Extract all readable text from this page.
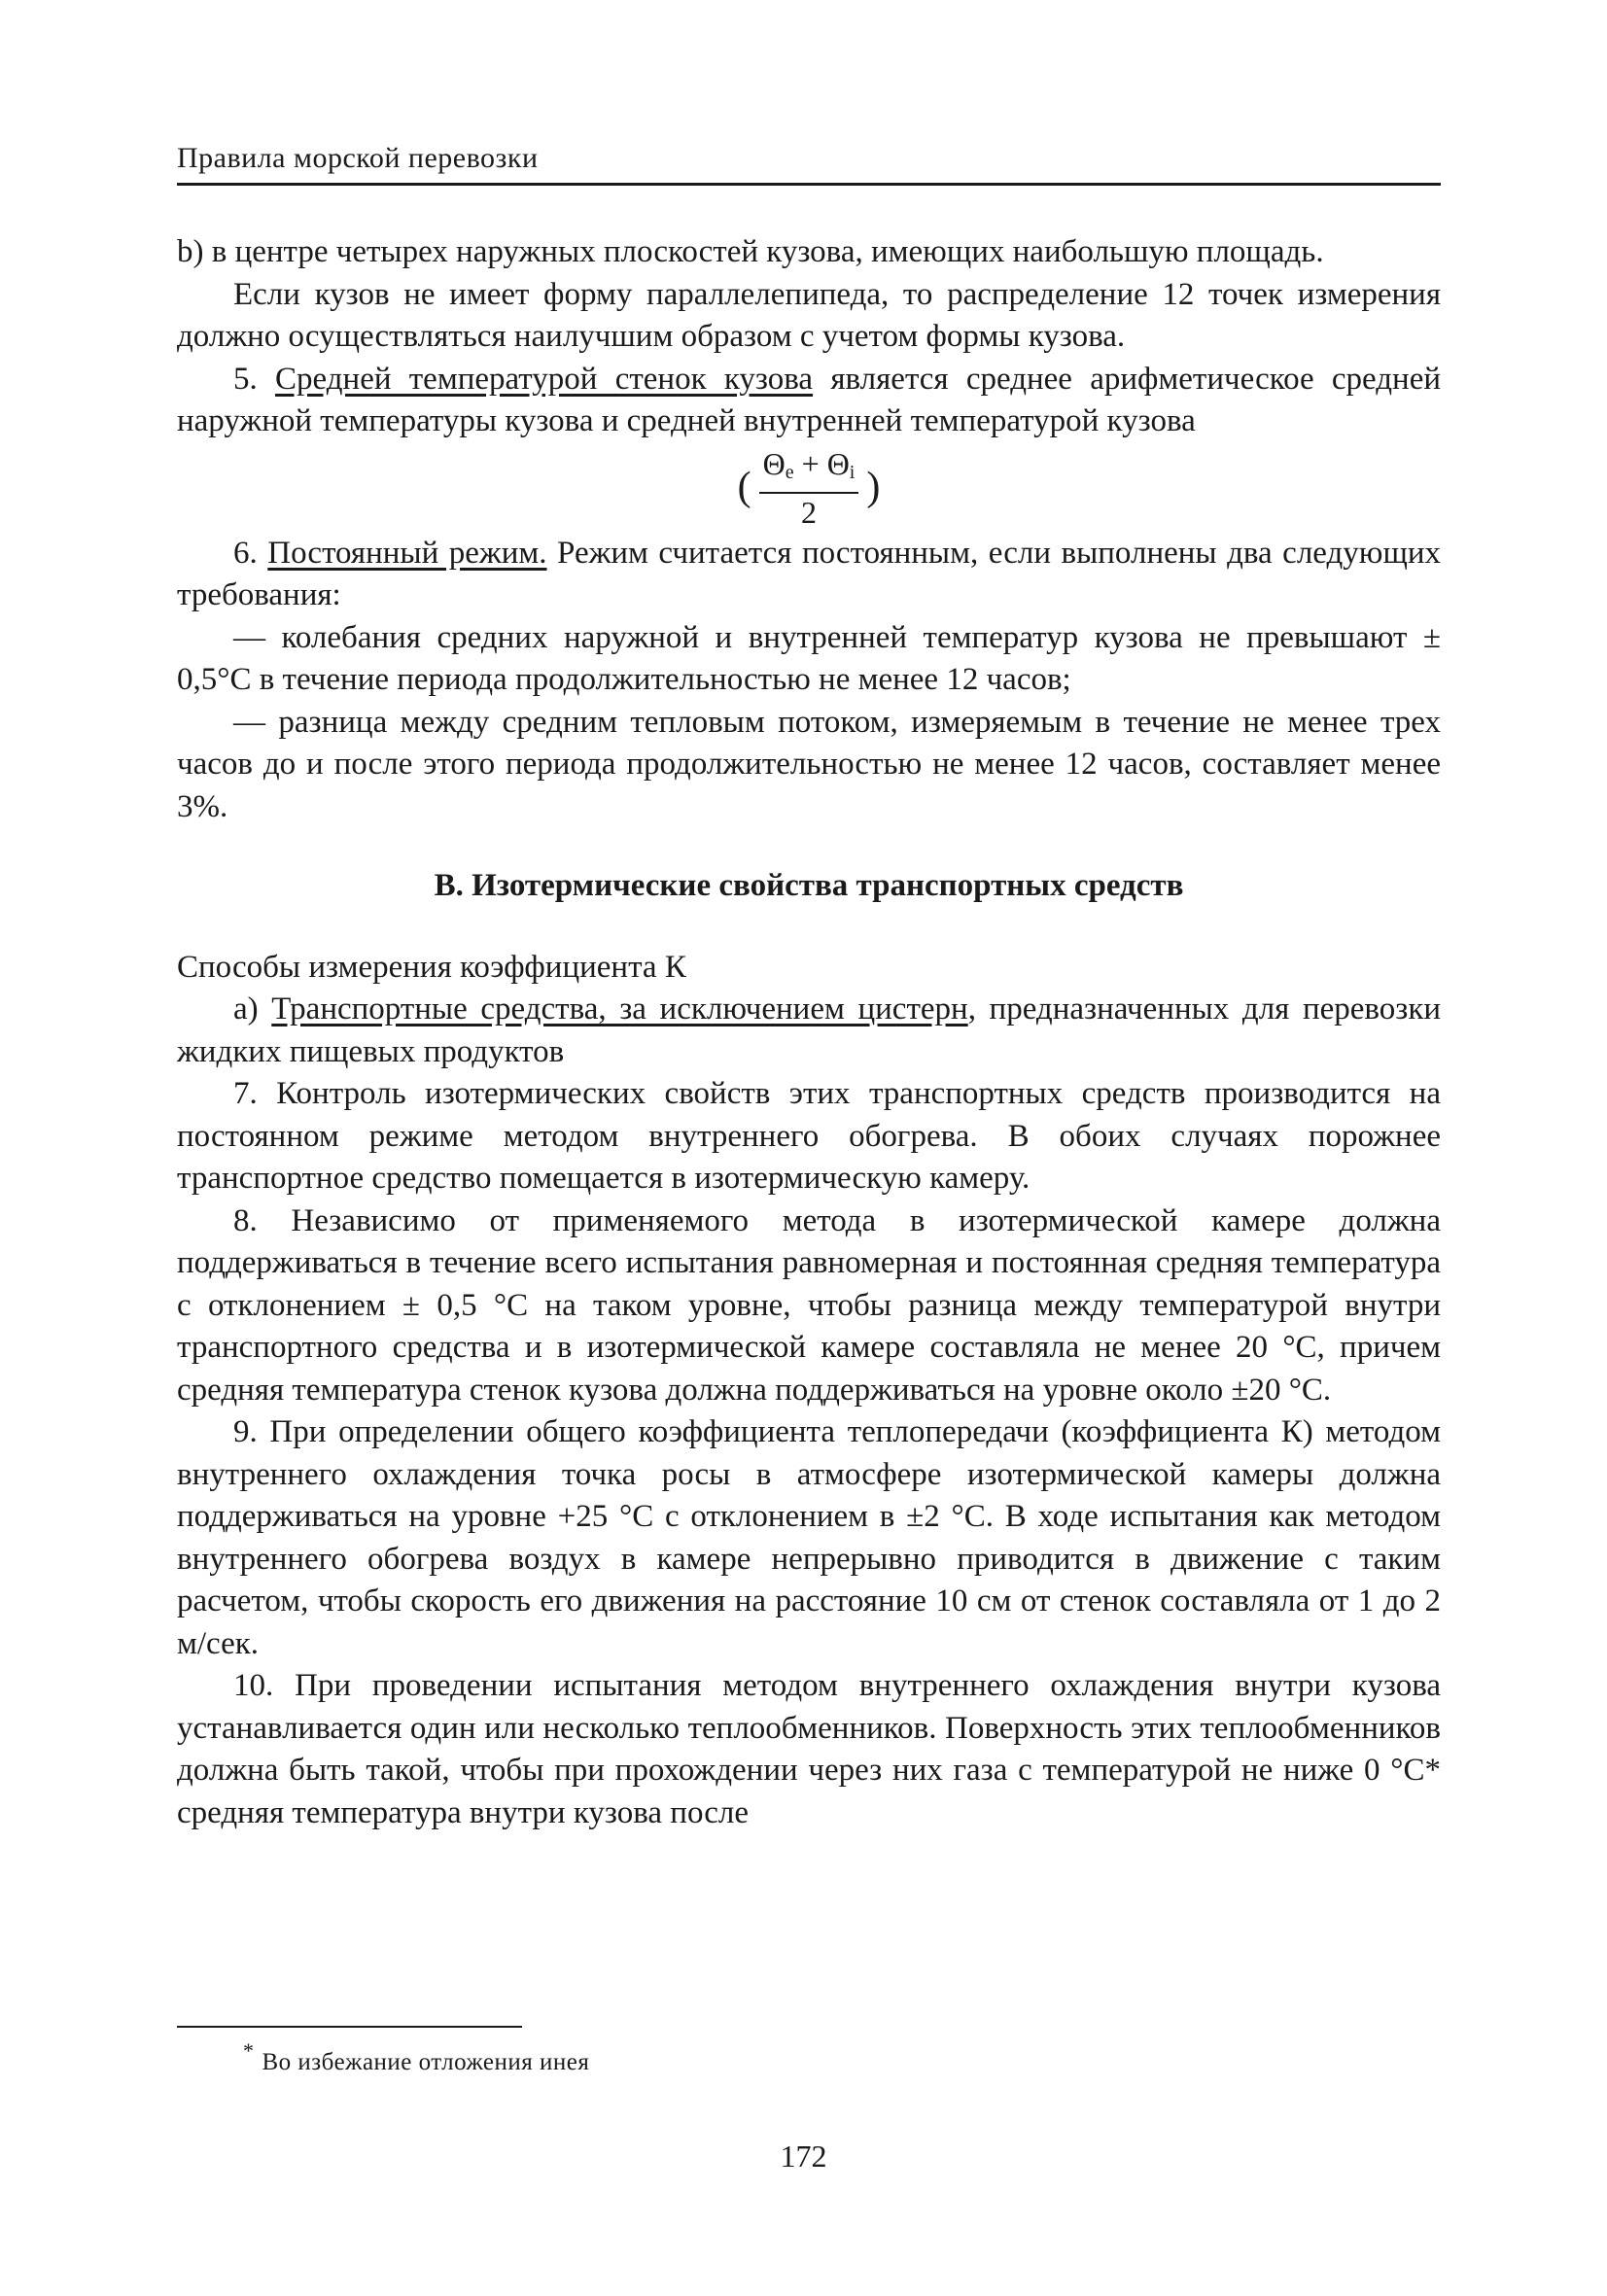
Правила морской перевозки

b) в центре четырех наружных плоскостей кузова, имеющих наибольшую площадь.

Если кузов не имеет форму параллелепипеда, то распределение 12 точек измерения должно осуществляться наилучшим образом с учетом формы кузова.

5. Средней температурой стенок кузова является среднее арифметическое средней наружной температуры кузова и средней внутренней температурой кузова

( $\frac{\Theta_e + \Theta_i}{2}$ )

6. Постоянный режим. Режим считается постоянным, если выполнены два следующих требования:

— колебания средних наружной и внутренней температур кузова не превышают ± 0,5°С в течение периода продолжительностью не менее 12 часов;

— разница между средним тепловым потоком, измеряемым в течение не менее трех часов до и после этого периода продолжительностью не менее 12 часов, составляет менее 3%.

В. Изотермические свойства транспортных средств

Способы измерения коэффициента К

а) Транспортные средства, за исключением цистерн, предназначенных для перевозки жидких пищевых продуктов

7. Контроль изотермических свойств этих транспортных средств производится на постоянном режиме методом внутреннего обогрева. В обоих случаях порожнее транспортное средство помещается в изотермическую камеру.

8. Независимо от применяемого метода в изотермической камере должна поддерживаться в течение всего испытания равномерная и постоянная средняя температура с отклонением ± 0,5 °С на таком уровне, чтобы разница между температурой внутри транспортного средства и в изотермической камере составляла не менее 20 °С, причем средняя температура стенок кузова должна поддерживаться на уровне около ±20 °С.

9. При определении общего коэффициента теплопередачи (коэффициента К) методом внутреннего охлаждения точка росы в атмосфере изотермической камеры должна поддерживаться на уровне +25 °С с отклонением в ±2 °С. В ходе испытания как методом внутреннего обогрева воздух в камере непрерывно приводится в движение с таким расчетом, чтобы скорость его движения на расстояние 10 см от стенок составляла от 1 до 2 м/сек.

10. При проведении испытания методом внутреннего охлаждения внутри кузова устанавливается один или несколько теплообменников. Поверхность этих теплообменников должна быть такой, чтобы при прохождении через них газа с температурой не ниже 0 °С* средняя температура внутри кузова после

* Во избежание отложения инея
172
